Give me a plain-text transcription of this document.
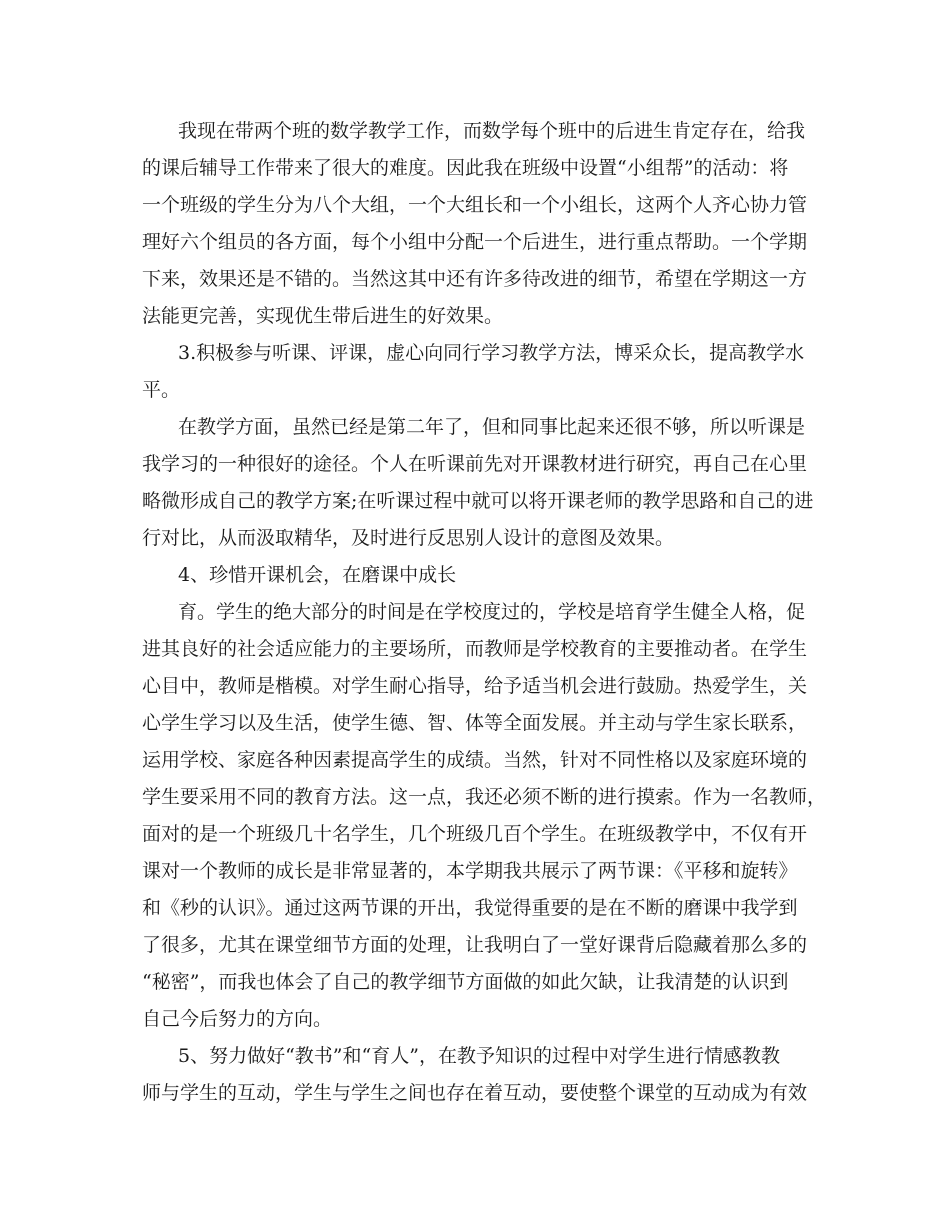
我现在带两个班的数学教学工作，而数学每个班中的后进生肯定存在，给我
的课后辅导工作带来了很大的难度。因此我在班级中设置“小组帮”的活动：将
一个班级的学生分为八个大组，一个大组长和一个小组长，这两个人齐心协力管
理好六个组员的各方面，每个小组中分配一个后进生，进行重点帮助。一个学期
下来，效果还是不错的。当然这其中还有许多待改进的细节，希望在学期这一方
法能更完善，实现优生带后进生的好效果。
3.积极参与听课、评课，虚心向同行学习教学方法，博采众长，提高教学水
平。
在教学方面，虽然已经是第二年了，但和同事比起来还很不够，所以听课是
我学习的一种很好的途径。个人在听课前先对开课教材进行研究，再自己在心里
略微形成自己的教学方案;在听课过程中就可以将开课老师的教学思路和自己的进
行对比，从而汲取精华，及时进行反思别人设计的意图及效果。
4、珍惜开课机会，在磨课中成长
育。学生的绝大部分的时间是在学校度过的，学校是培育学生健全人格，促
进其良好的社会适应能力的主要场所，而教师是学校教育的主要推动者。在学生
心目中，教师是楷模。对学生耐心指导，给予适当机会进行鼓励。热爱学生，关
心学生学习以及生活，使学生德、智、体等全面发展。并主动与学生家长联系，
运用学校、家庭各种因素提高学生的成绩。当然，针对不同性格以及家庭环境的
学生要采用不同的教育方法。这一点，我还必须不断的进行摸索。作为一名教师，
面对的是一个班级几十名学生，几个班级几百个学生。在班级教学中，不仅有开
课对一个教师的成长是非常显著的，本学期我共展示了两节课：《平移和旋转》
和《秒的认识》。通过这两节课的开出，我觉得重要的是在不断的磨课中我学到
了很多，尤其在课堂细节方面的处理，让我明白了一堂好课背后隐藏着那么多的
“秘密”，而我也体会了自己的教学细节方面做的如此欠缺，让我清楚的认识到
自己今后努力的方向。
5、努力做好“教书”和“育人”，在教予知识的过程中对学生进行情感教教
师与学生的互动，学生与学生之间也存在着互动，要使整个课堂的互动成为有效
